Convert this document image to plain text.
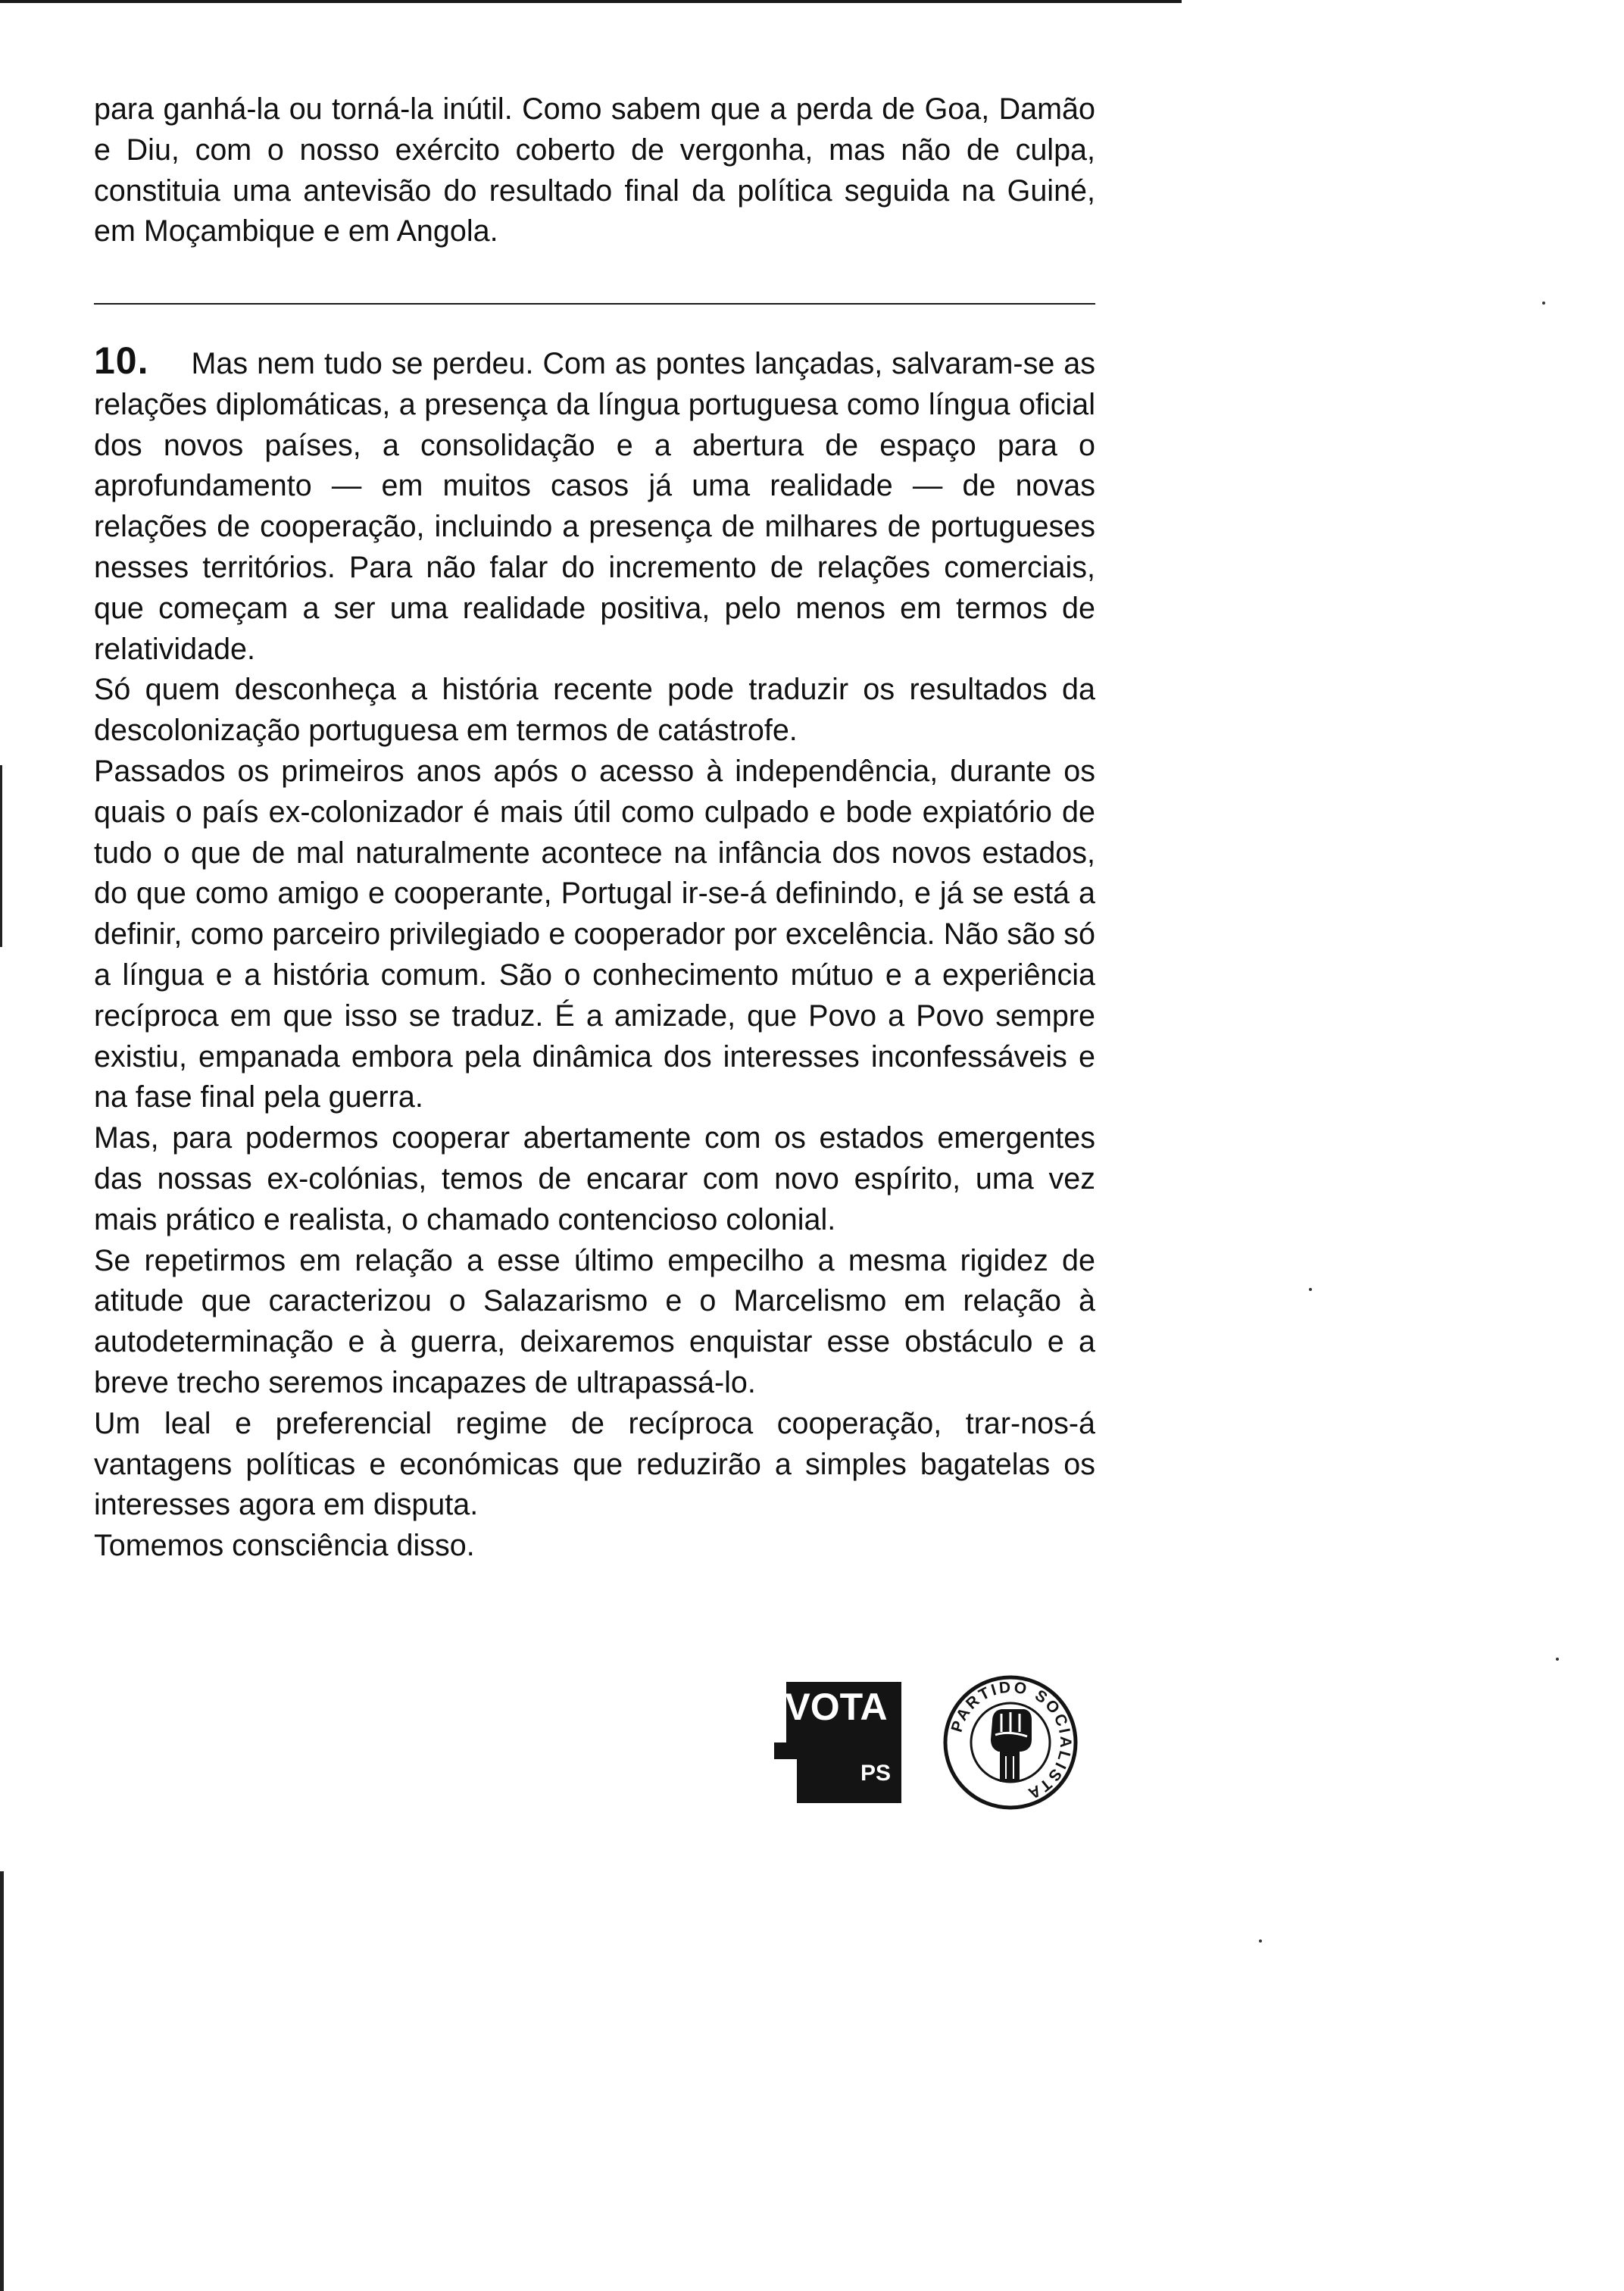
para ganhá-la ou torná-la inútil. Como sabem que a perda de Goa, Damão e Diu, com o nosso exército coberto de vergonha, mas não de culpa, constituia uma antevisão do resultado final da política seguida na Guiné, em Moçambique e em Angola.

10. Mas nem tudo se perdeu. Com as pontes lançadas, salvaram-se as relações diplomáticas, a presença da língua portuguesa como língua oficial dos novos países, a consolidação e a abertura de espaço para o aprofundamento — em muitos casos já uma realidade — de novas relações de cooperação, incluindo a presença de milhares de portugueses nesses territórios. Para não falar do incremento de relações comerciais, que começam a ser uma realidade positiva, pelo menos em termos de relatividade.

Só quem desconheça a história recente pode traduzir os resultados da descolonização portuguesa em termos de catástrofe.

Passados os primeiros anos após o acesso à independência, durante os quais o país ex-colonizador é mais útil como culpado e bode expiatório de tudo o que de mal naturalmente acontece na infância dos novos estados, do que como amigo e cooperante, Portugal ir-se-á definindo, e já se está a definir, como parceiro privilegiado e cooperador por excelência. Não são só a língua e a história comum. São o conhecimento mútuo e a experiência recíproca em que isso se traduz. É a amizade, que Povo a Povo sempre existiu, empanada embora pela dinâmica dos interesses inconfessáveis e na fase final pela guerra.

Mas, para podermos cooperar abertamente com os estados emergentes das nossas ex-colónias, temos de encarar com novo espírito, uma vez mais prático e realista, o chamado contencioso colonial.

Se repetirmos em relação a esse último empecilho a mesma rigidez de atitude que caracterizou o Salazarismo e o Marcelismo em relação à autodeterminação e à guerra, deixaremos enquistar esse obstáculo e a breve trecho seremos incapazes de ultrapassá-lo.

Um leal e preferencial regime de recíproca cooperação, trar-nos-á vantagens políticas e económicas que reduzirão a simples bagatelas os interesses agora em disputa.

Tomemos consciência disso.

VOTA
PS
PARTIDO SOCIALISTA
